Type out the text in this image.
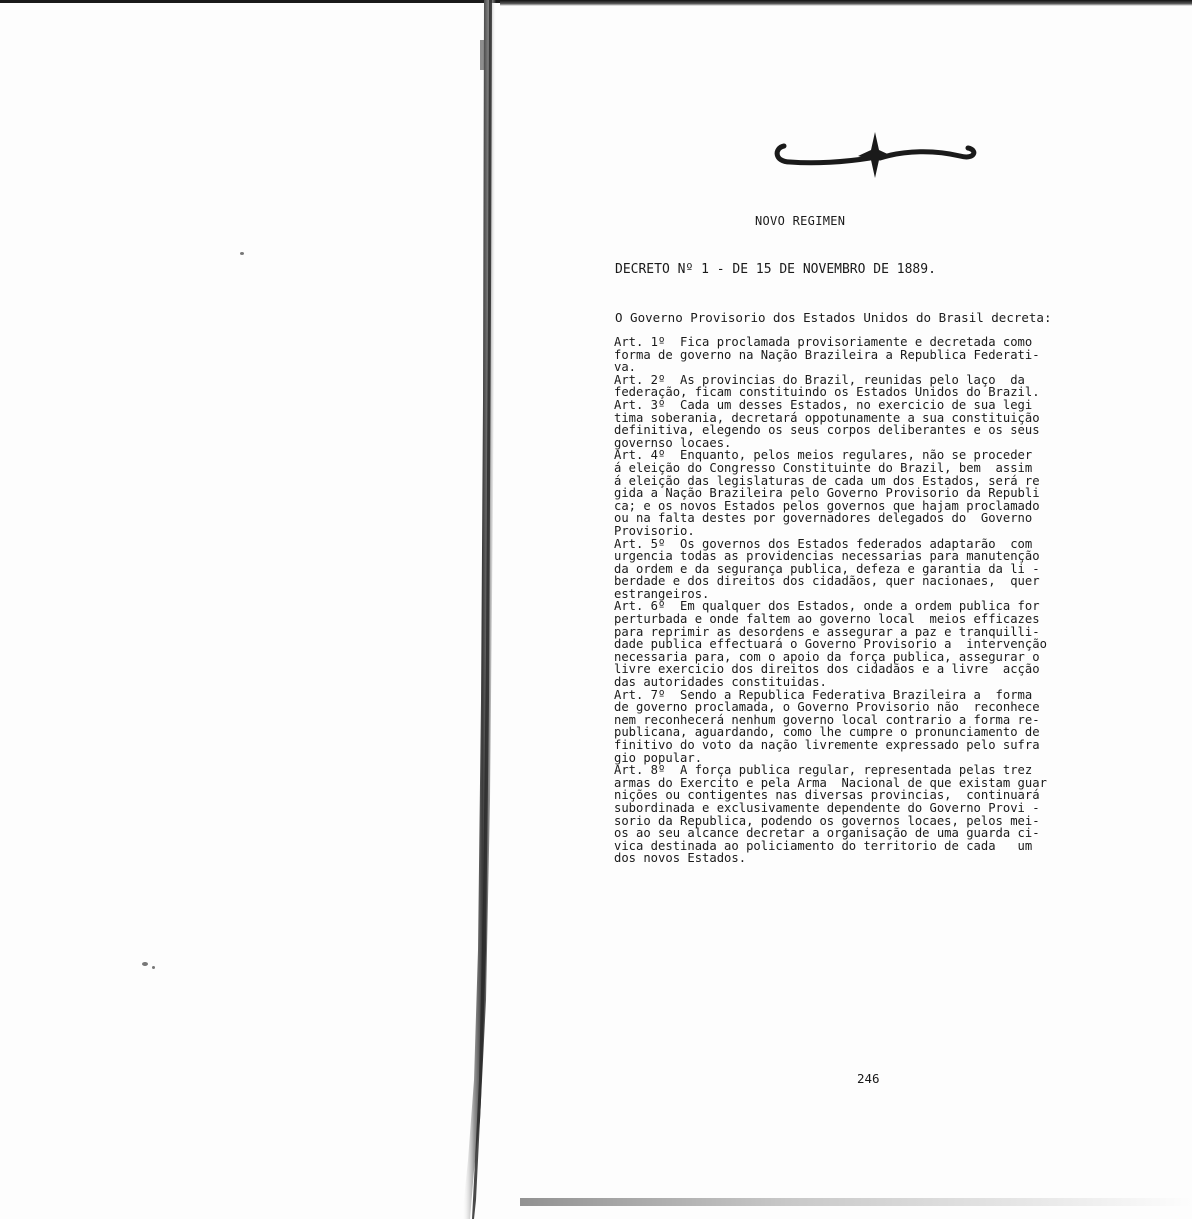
NOVO REGIMEN
DECRETO Nº 1 - DE 15 DE NOVEMBRO DE 1889.
O Governo Provisorio dos Estados Unidos do Brasil decreta:
Art. 1º  Fica proclamada provisoriamente e decretada como
forma de governo na Nação Brazileira a Republica Federati-
va.
Art. 2º  As provincias do Brazil, reunidas pelo laço  da
federação, ficam constituindo os Estados Unidos do Brazil.
Art. 3º  Cada um desses Estados, no exercicio de sua legi
tima soberania, decretará oppotunamente a sua constituição
definitiva, elegendo os seus corpos deliberantes e os seus
governso locaes.
Art. 4º  Enquanto, pelos meios regulares, não se proceder
á eleição do Congresso Constituinte do Brazil, bem  assim
á eleição das legislaturas de cada um dos Estados, será re
gida a Nação Brazileira pelo Governo Provisorio da Republi
ca; e os novos Estados pelos governos que hajam proclamado
ou na falta destes por governadores delegados do  Governo
Provisorio.
Art. 5º  Os governos dos Estados federados adaptarão  com
urgencia todas as providencias necessarias para manutenção
da ordem e da segurança publica, defeza e garantia da li -
berdade e dos direitos dos cidadãos, quer nacionaes,  quer
estrangeiros.
Art. 6º  Em qualquer dos Estados, onde a ordem publica for
perturbada e onde faltem ao governo local  meios efficazes
para reprimir as desordens e assegurar a paz e tranquilli-
dade publica effectuará o Governo Provisorio a  intervenção
necessaria para, com o apoio da força publica, assegurar o
livre exercicio dos direitos dos cidadãos e a livre  acção
das autoridades constituidas.
Art. 7º  Sendo a Republica Federativa Brazileira a  forma
de governo proclamada, o Governo Provisorio não  reconhece
nem reconhecerá nenhum governo local contrario a forma re-
publicana, aguardando, como lhe cumpre o pronunciamento de
finitivo do voto da nação livremente expressado pelo sufra
gio popular.
Art. 8º  A força publica regular, representada pelas trez
armas do Exercito e pela Arma  Nacional de que existam guar
nições ou contigentes nas diversas provincias,  continuará
subordinada e exclusivamente dependente do Governo Provi -
sorio da Republica, podendo os governos locaes, pelos mei-
os ao seu alcance decretar a organisação de uma guarda ci-
vica destinada ao policiamento do territorio de cada   um
dos novos Estados.
246
